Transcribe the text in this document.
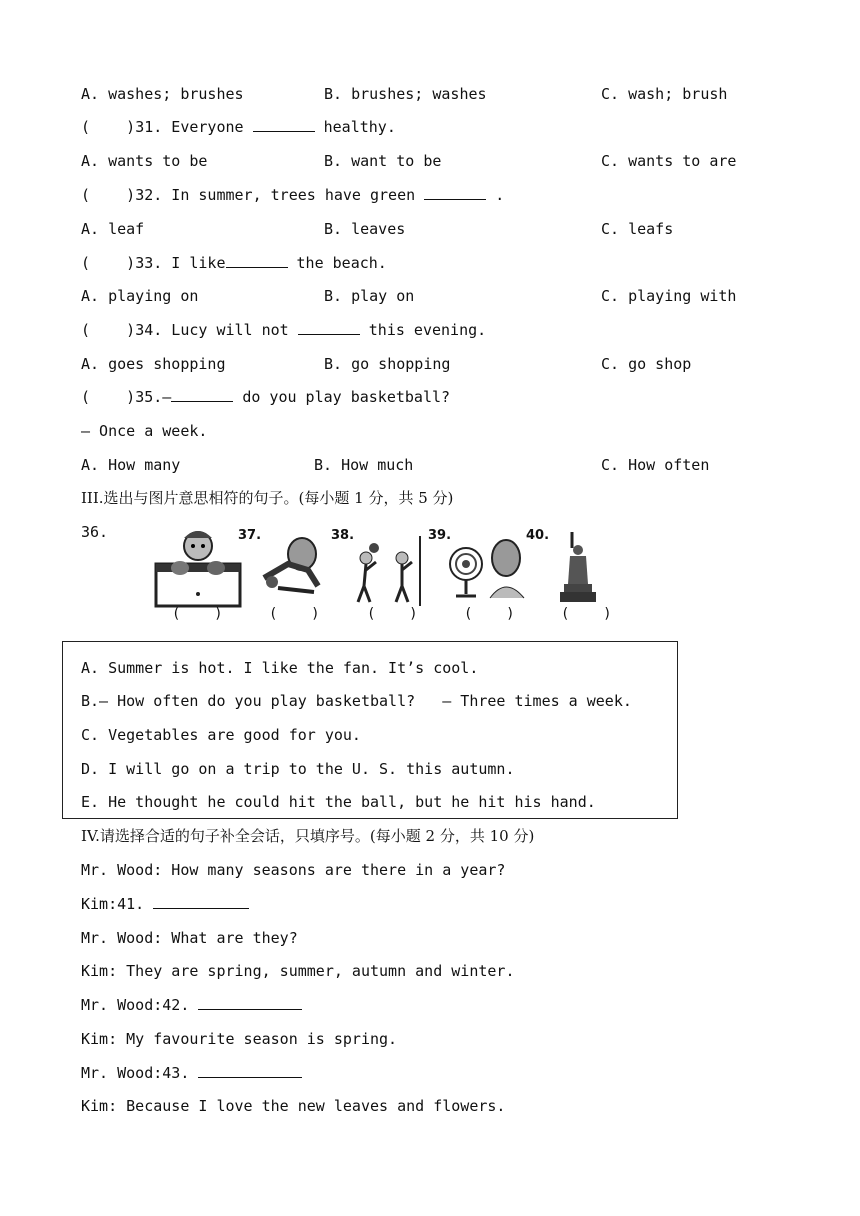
A. washes; brushes	B. brushes; washes	C. wash; brush
(    )31. Everyone	healthy.
A. wants to be	B. want to be	C. wants to are
(    )32. In summer, trees have green	.
A. leaf	B. leaves	C. leafs
(    )33. I like	the beach.
A. playing on	B. play on	C. playing with
(    )34. Lucy will not	this evening.
A. goes shopping	B. go shopping	C. go shop
(    )35.—	do you play basketball?
— Once a week.
A. How many	B. How much	C. How often
III.选出与图片意思相符的句子。(每小题 1 分，共 5 分)
36.	37.	38.	39.	40.
(    )	(    )	(    )	(    )	(    )
A. Summer is hot. I like the fan. It’s cool.
B.— How often do you play basketball?   — Three times a week.
C. Vegetables are good for you.
D. I will go on a trip to the U. S. this autumn.
E. He thought he could hit the ball, but he hit his hand.
IV.请选择合适的句子补全会话，只填序号。(每小题 2 分，共 10 分)
Mr. Wood: How many seasons are there in a year?
Kim:41.
Mr. Wood: What are they?
Kim: They are spring, summer, autumn and winter.
Mr. Wood:42.
Kim: My favourite season is spring.
Mr. Wood:43.
Kim: Because I love the new leaves and flowers.
